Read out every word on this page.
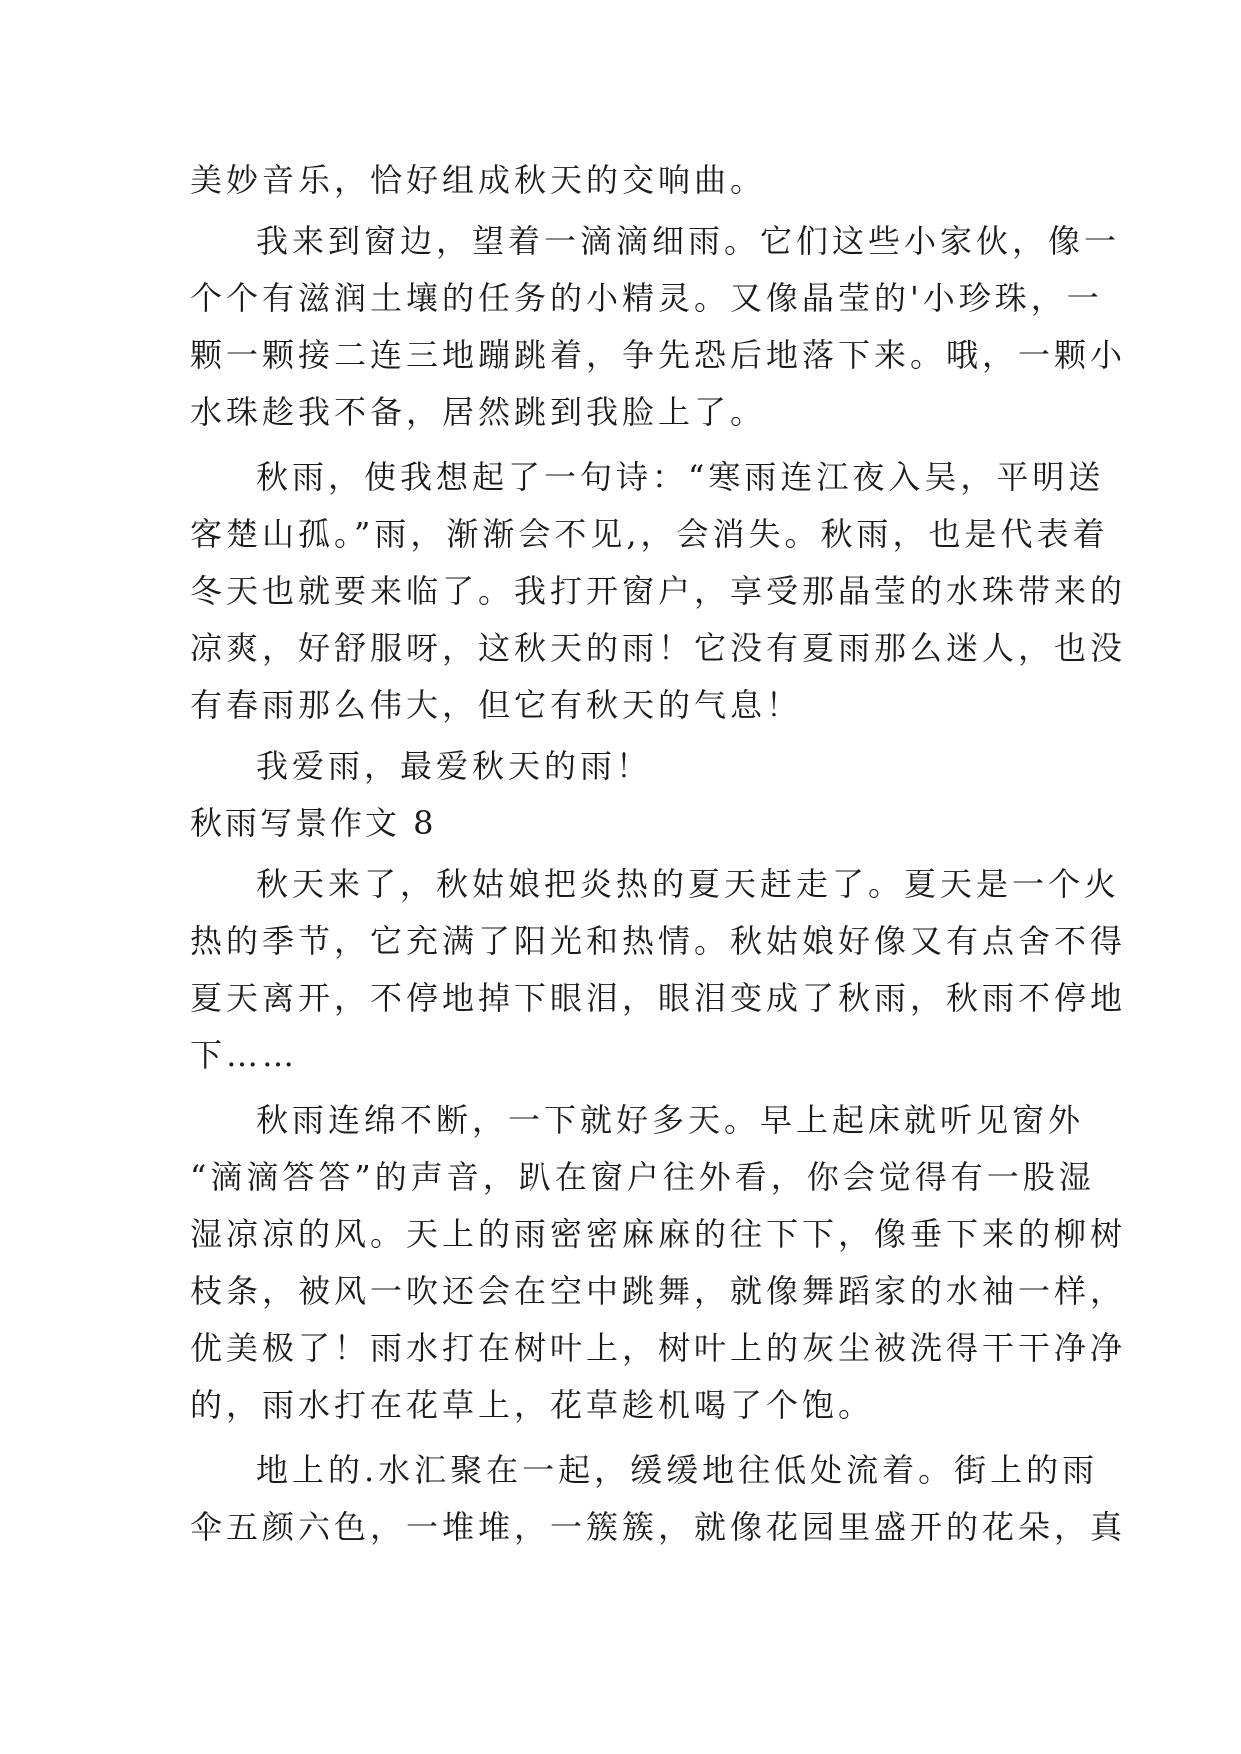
美妙音乐，恰好组成秋天的交响曲。
我来到窗边，望着一滴滴细雨。它们这些小家伙，像一
个个有滋润土壤的任务的小精灵。又像晶莹的'小珍珠，一
颗一颗接二连三地蹦跳着，争先恐后地落下来。哦，一颗小
水珠趁我不备，居然跳到我脸上了。
秋雨，使我想起了一句诗：“寒雨连江夜入吴，平明送
客楚山孤。”雨，渐渐会不见,，会消失。秋雨，也是代表着
冬天也就要来临了。我打开窗户，享受那晶莹的水珠带来的
凉爽，好舒服呀，这秋天的雨！它没有夏雨那么迷人，也没
有春雨那么伟大，但它有秋天的气息！
我爱雨，最爱秋天的雨！
秋雨写景作文 8
秋天来了，秋姑娘把炎热的夏天赶走了。夏天是一个火
热的季节，它充满了阳光和热情。秋姑娘好像又有点舍不得
夏天离开，不停地掉下眼泪，眼泪变成了秋雨，秋雨不停地
下……
秋雨连绵不断，一下就好多天。早上起床就听见窗外
“滴滴答答”的声音，趴在窗户往外看，你会觉得有一股湿
湿凉凉的风。天上的雨密密麻麻的往下下，像垂下来的柳树
枝条，被风一吹还会在空中跳舞，就像舞蹈家的水袖一样，
优美极了！雨水打在树叶上，树叶上的灰尘被洗得干干净净
的，雨水打在花草上，花草趁机喝了个饱。
地上的.水汇聚在一起，缓缓地往低处流着。街上的雨
伞五颜六色，一堆堆，一簇簇，就像花园里盛开的花朵，真
